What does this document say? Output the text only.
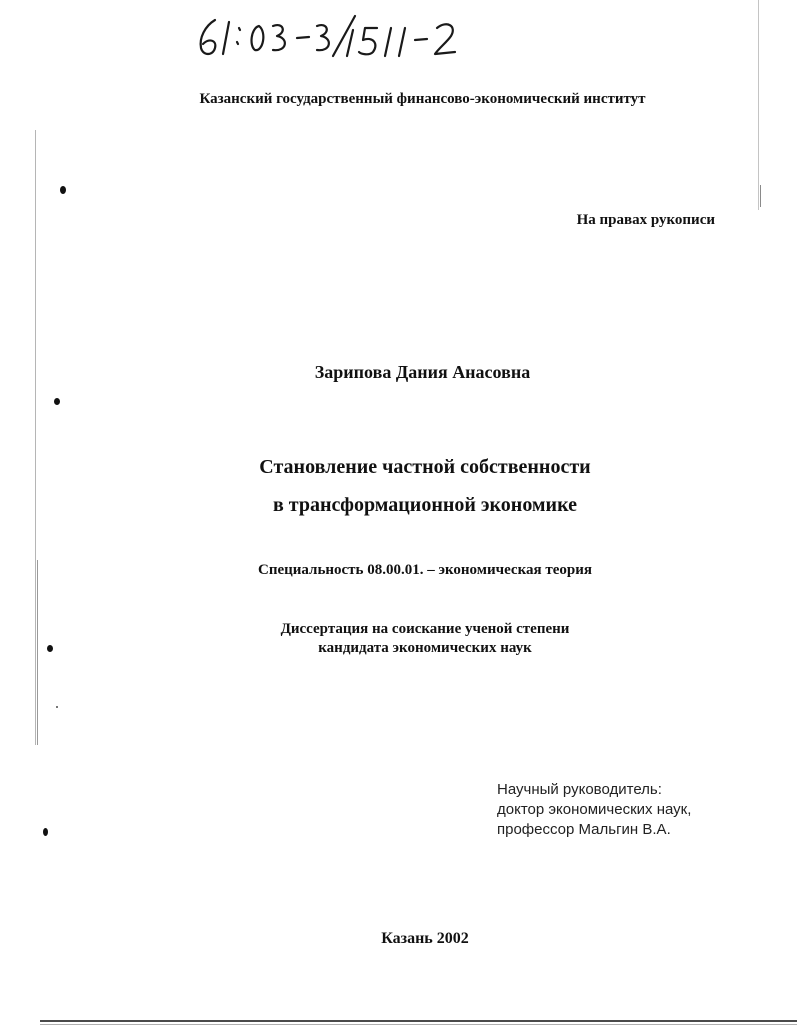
Казанский государственный финансово-экономический институт
На правах рукописи
Зарипова Дания Анасовна
Становление частной собственности
в трансформационной экономике
Специальность 08.00.01. – экономическая теория
Диссертация на соискание ученой степени
кандидата экономических наук
Научный руководитель:
доктор экономических наук,
профессор Мальгин В.А.
Казань 2002
